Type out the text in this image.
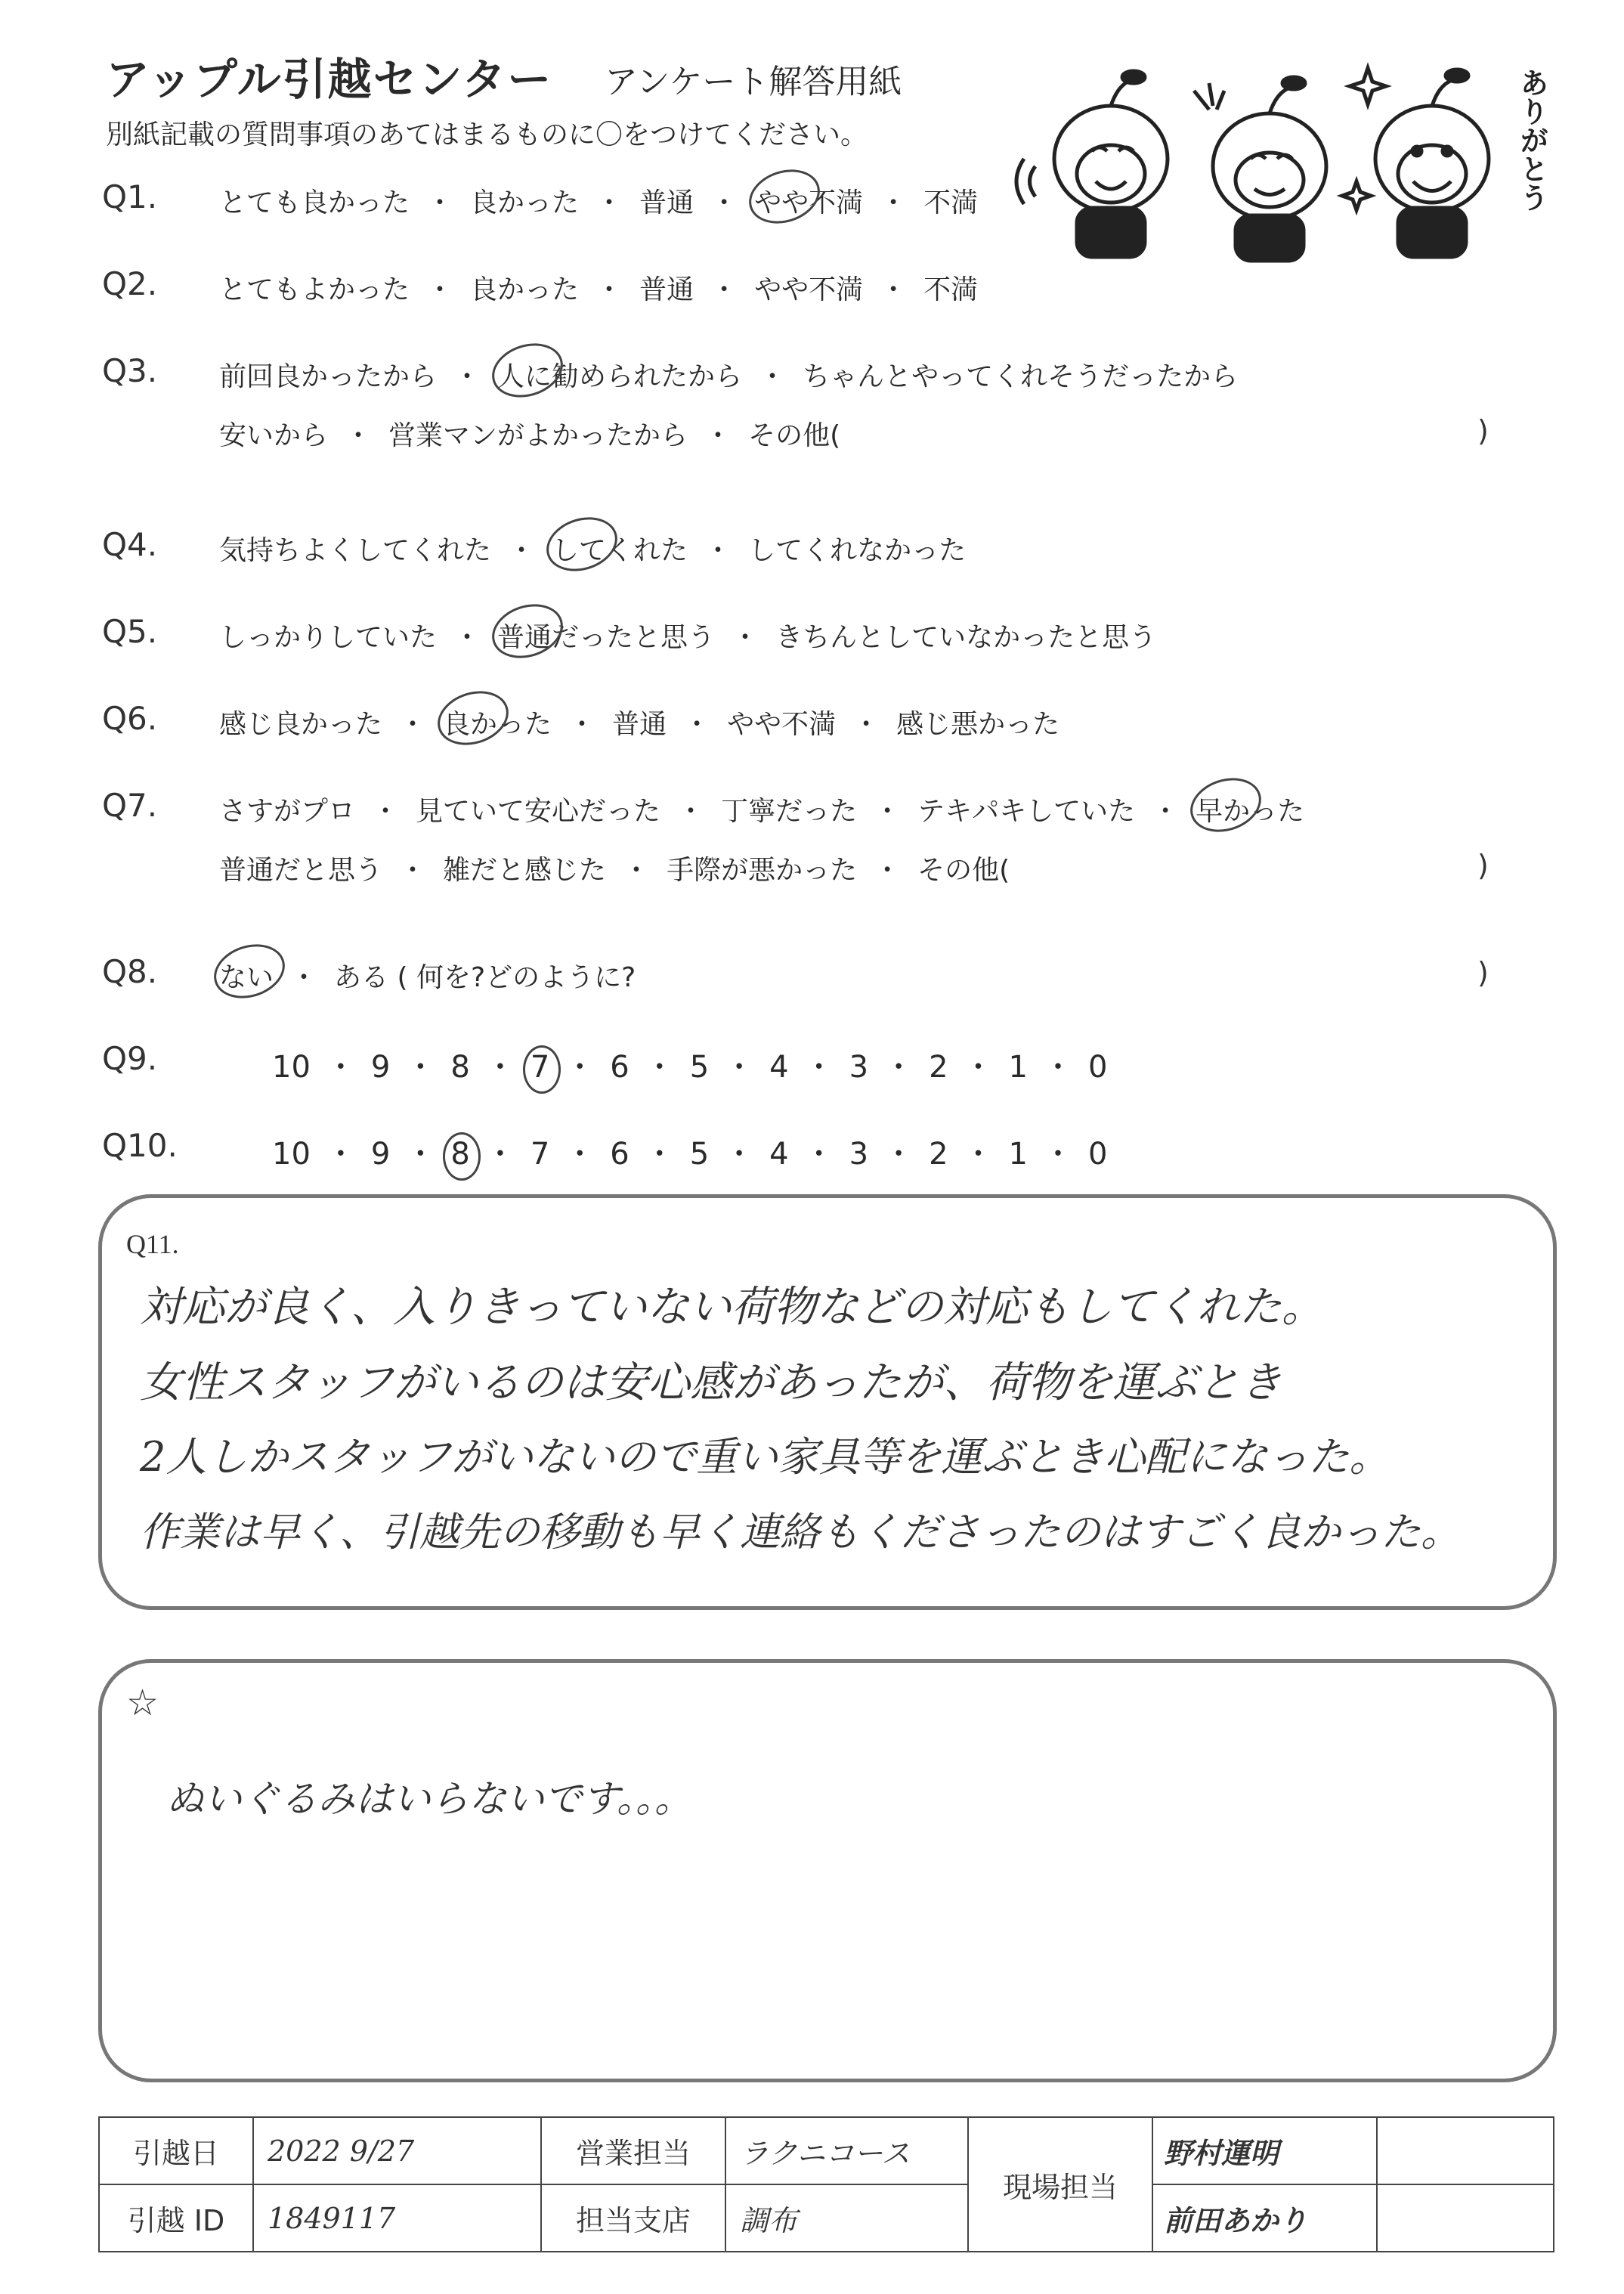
アップル引越センター アンケート解答用紙
別紙記載の質問事項のあてはまるものに〇をつけてください。	ありがとう
Q1. とても良かった ・ 良かった ・ 普通 ・ やや不満 ・ 不満
Q2. とてもよかった ・ 良かった ・ 普通 ・ やや不満 ・ 不満
Q3. 前回良かったから ・ 人に勧められたから ・ ちゃんとやってくれそうだったから
安いから ・ 営業マンがよかったから ・ その他(
Q4. 気持ちよくしてくれた ・ してくれた ・ してくれなかった
Q5. しっかりしていた ・ 普通だったと思う ・ きちんとしていなかったと思う
Q6. 感じ良かった ・ 良かった ・ 普通 ・ やや不満 ・ 感じ悪かった
Q7. さすがプロ ・ 見ていて安心だった ・ 丁寧だった ・ テキパキしていた ・ 早かった
普通だと思う ・ 雑だと感じた ・ 手際が悪かった ・ その他(
Q8. ない ・ ある ( 何を?どのように?
Q9.	10 ・ 9 ・ 8 ・ 7 ・ 6 ・ 5 ・ 4 ・ 3 ・ 2 ・ 1 ・ 0
Q10.	10 ・ 9 ・ 8 ・ 7 ・ 6 ・ 5 ・ 4 ・ 3 ・ 2 ・ 1 ・ 0
)
)
)
Q11.
対応が良く、入りきっていない荷物などの対応もしてくれた。
女性スタッフがいるのは安心感があったが、荷物を運ぶとき
2人しかスタッフがいないので重い家具等を運ぶとき心配になった。
作業は早く、引越先の移動も早く連絡もくださったのはすごく良かった。
☆
ぬいぐるみはいらないです。。。
引越日	2022 9/27	営業担当	ラクニコース	現場担当	野村運明	
引越 ID	1849117	担当支店	調布		前田あかり	
